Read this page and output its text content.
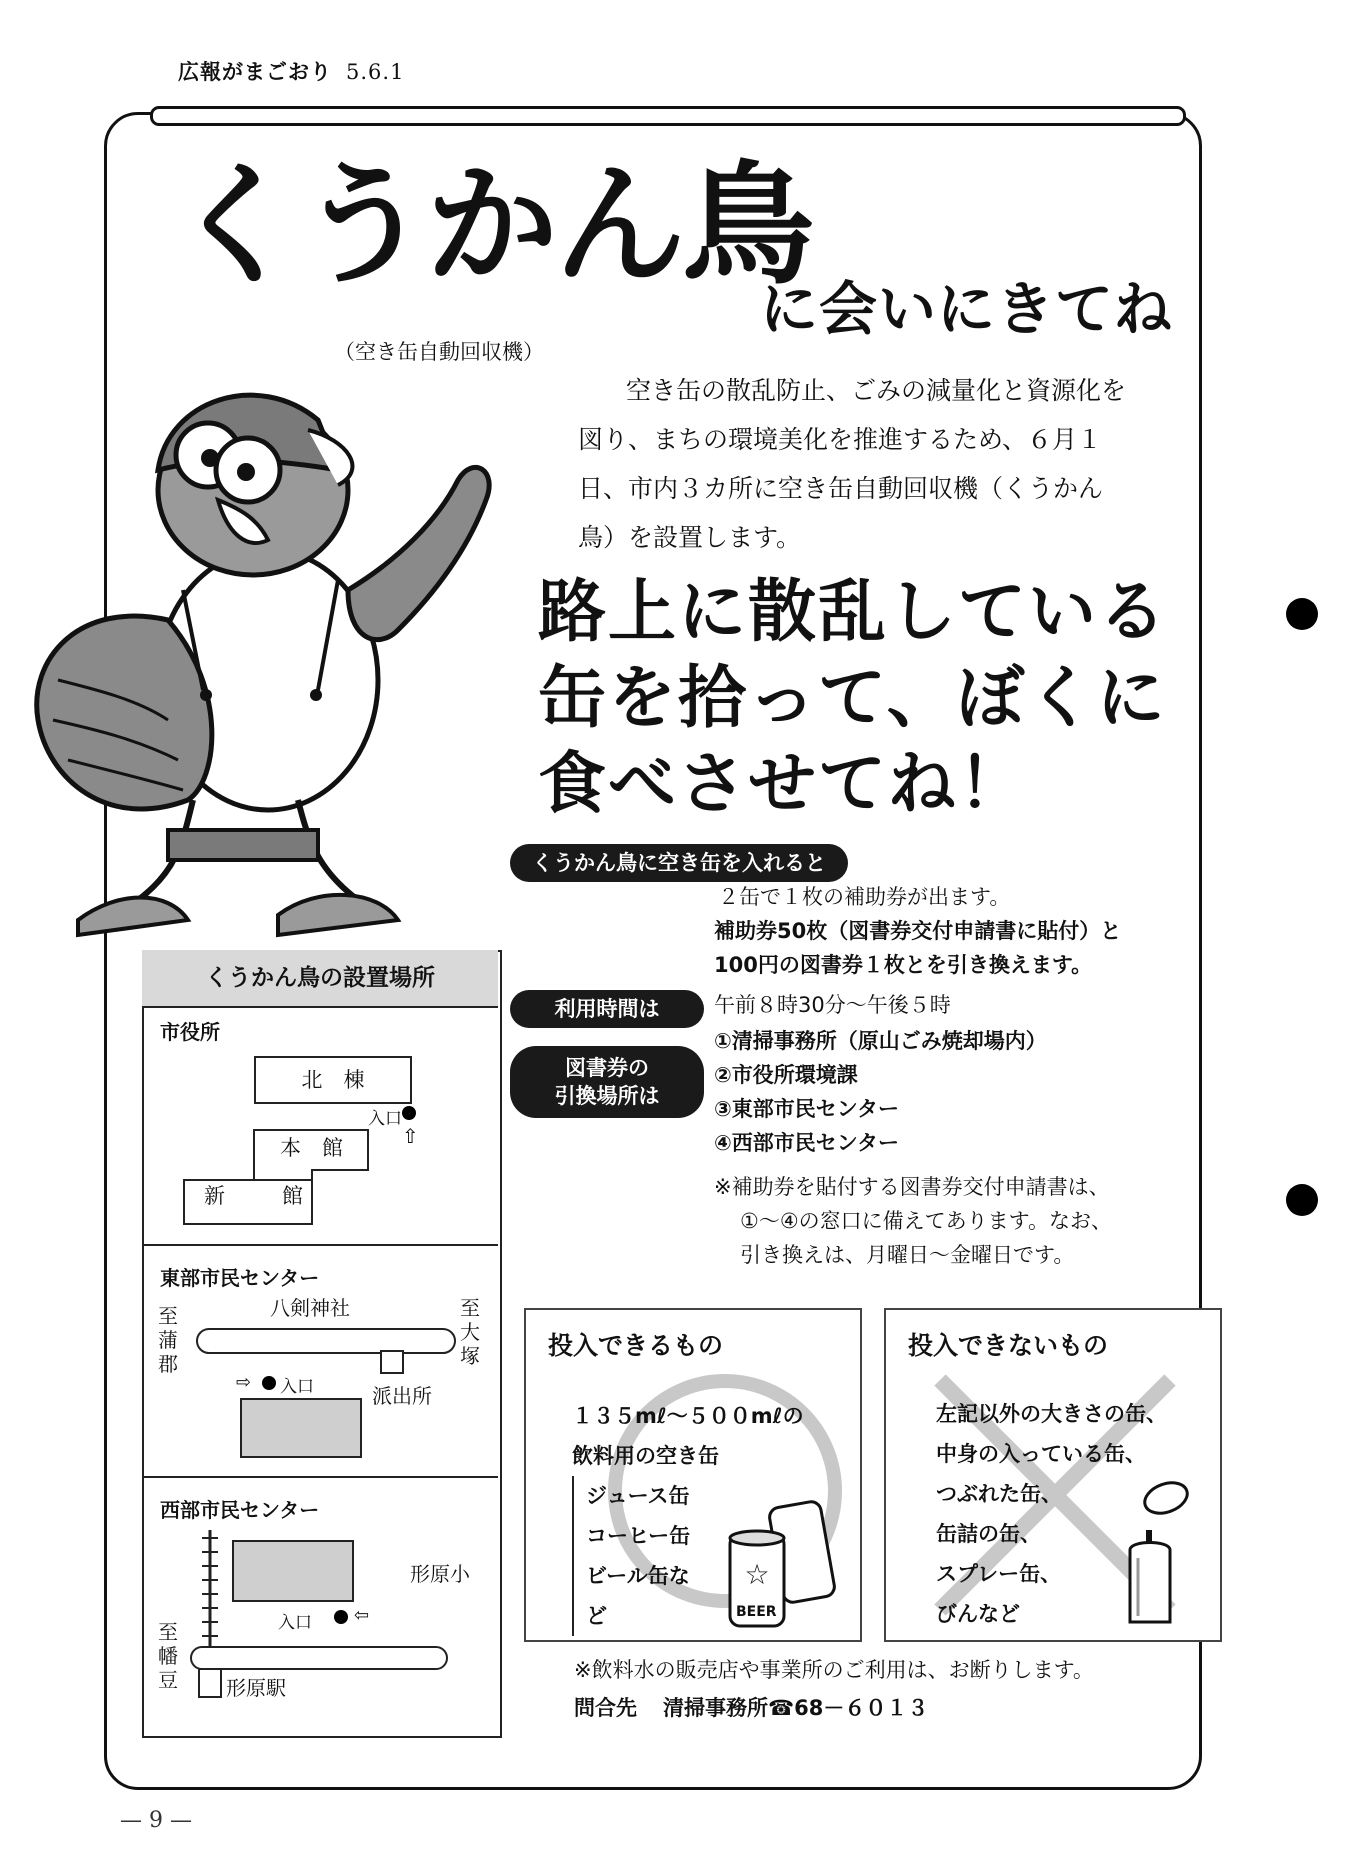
広報がまごおり 5.6.1
くうかん鳥
に会いにきてね
（空き缶自動回収機）
空き缶の散乱防止、ごみの減量化と資源化を図り、まちの環境美化を推進するため、６月１日、市内３カ所に空き缶自動回収機（くうかん鳥）を設置します。
路上に散乱している
缶を拾って、ぼくに
食べさせてね！
くうかん鳥に空き缶を入れると
２缶で１枚の補助券が出ます。
補助券50枚（図書券交付申請書に貼付）と
100円の図書券１枚とを引き換えます。
利用時間は	午前８時30分～午後５時
図書券の
引換場所は
①清掃事務所（原山ごみ焼却場内）
②市役所環境課
③東部市民センター
④西部市民センター
※補助券を貼付する図書券交付申請書は、
①～④の窓口に備えてあります。なお、
引き換えは、月曜日～金曜日です。
くうかん鳥の設置場所
市役所
北　棟
入口
⇧
本　館
新　館
東部市民センター
八剣神社
至蒲郡
至大塚
⇨ 入口	派出所
西部市民センター
形原小
入口 ⇦
至幡豆 形原駅
投入できるもの
１３５mℓ～５００mℓの
飲料用の空き缶
ジュース缶
コーヒー缶
ビール缶な
ど
☆
BEER
投入できないもの
左記以外の大きさの缶、
中身の入っている缶、
つぶれた缶、
缶詰の缶、
スプレー缶、
びんなど
※飲料水の販売店や事業所のご利用は、お断りします。
問合先 清掃事務所☎68－６０１３
— 9 —
